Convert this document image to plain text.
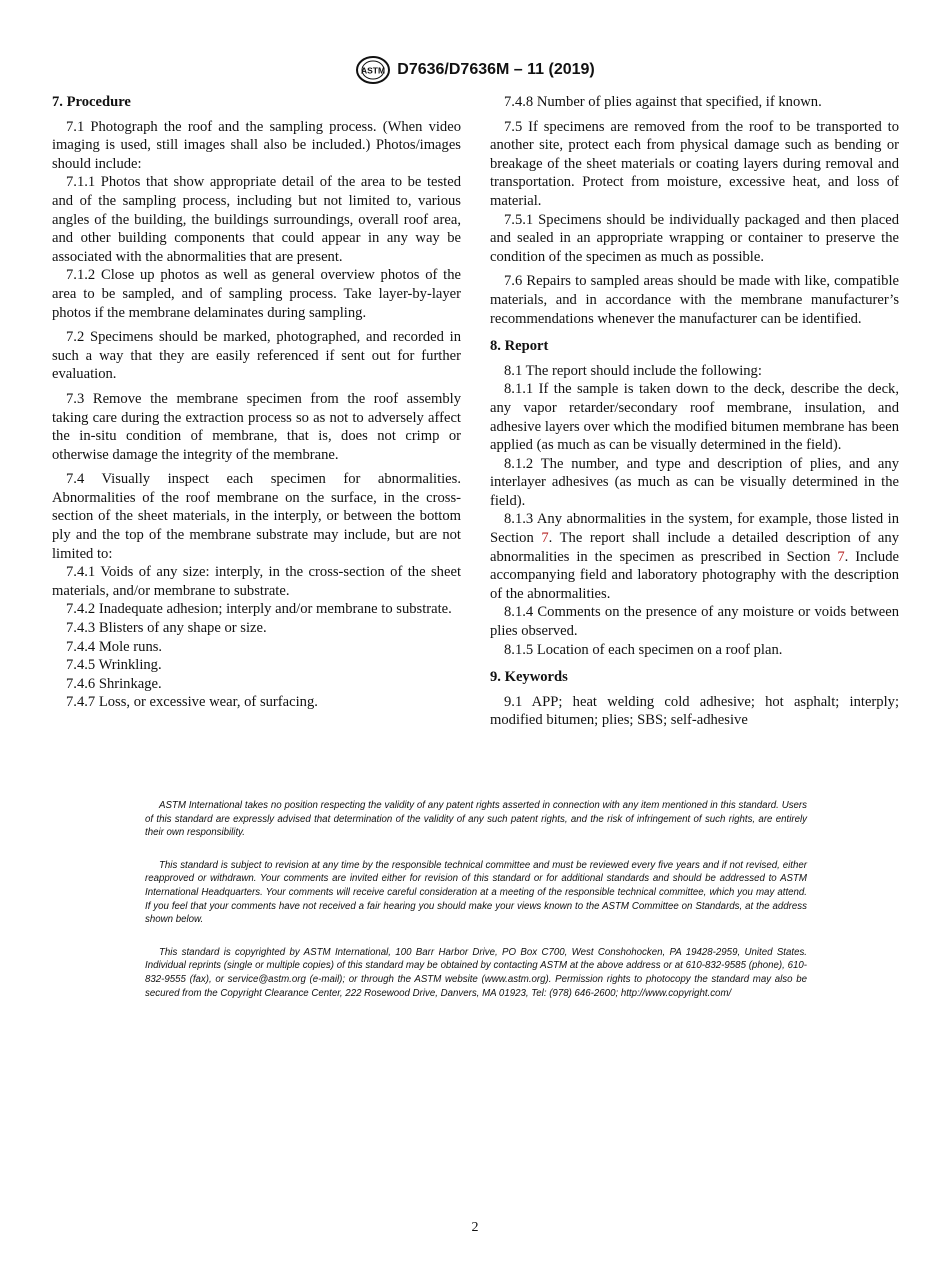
ASTM D7636/D7636M – 11 (2019)
7. Procedure

7.1 Photograph the roof and the sampling process. (When video imaging is used, still images shall also be included.) Photos/images should include:

7.1.1 Photos that show appropriate detail of the area to be tested and of the sampling process, including but not limited to, various angles of the building, the buildings surroundings, overall roof area, and other building components that could appear in any way be associated with the abnormalities that are present.

7.1.2 Close up photos as well as general overview photos of the area to be sampled, and of sampling process. Take layer-by-layer photos if the membrane delaminates during sampling.

7.2 Specimens should be marked, photographed, and recorded in such a way that they are easily referenced if sent out for further evaluation.

7.3 Remove the membrane specimen from the roof assembly taking care during the extraction process so as not to adversely affect the in-situ condition of membrane, that is, does not crimp or otherwise damage the integrity of the membrane.

7.4 Visually inspect each specimen for abnormalities. Abnormalities of the roof membrane on the surface, in the cross-section of the sheet materials, in the interply, or between the bottom ply and the top of the membrane substrate may include, but are not limited to:

7.4.1 Voids of any size: interply, in the cross-section of the sheet materials, and/or membrane to substrate.

7.4.2 Inadequate adhesion; interply and/or membrane to substrate.

7.4.3 Blisters of any shape or size.

7.4.4 Mole runs.

7.4.5 Wrinkling.

7.4.6 Shrinkage.

7.4.7 Loss, or excessive wear, of surfacing.

7.4.8 Number of plies against that specified, if known.

7.5 If specimens are removed from the roof to be transported to another site, protect each from physical damage such as bending or breakage of the sheet materials or coating layers during removal and transportation. Protect from moisture, excessive heat, and loss of material.

7.5.1 Specimens should be individually packaged and then placed and sealed in an appropriate wrapping or container to preserve the condition of the specimen as much as possible.

7.6 Repairs to sampled areas should be made with like, compatible materials, and in accordance with the membrane manufacturer’s recommendations whenever the manufacturer can be identified.

8. Report

8.1 The report should include the following:

8.1.1 If the sample is taken down to the deck, describe the deck, any vapor retarder/secondary roof membrane, insulation, and adhesive layers over which the modified bitumen membrane has been applied (as much as can be visually determined in the field).

8.1.2 The number, and type and description of plies, and any interlayer adhesives (as much as can be visually determined in the field).

8.1.3 Any abnormalities in the system, for example, those listed in Section 7. The report shall include a detailed description of any abnormalities in the specimen as prescribed in Section 7. Include accompanying field and laboratory photography with the description of the abnormalities.

8.1.4 Comments on the presence of any moisture or voids between plies observed.

8.1.5 Location of each specimen on a roof plan.

9. Keywords

9.1 APP; heat welding cold adhesive; hot asphalt; interply; modified bitumen; plies; SBS; self-adhesive

ASTM International takes no position respecting the validity of any patent rights asserted in connection with any item mentioned in this standard. Users of this standard are expressly advised that determination of the validity of any such patent rights, and the risk of infringement of such rights, are entirely their own responsibility.

This standard is subject to revision at any time by the responsible technical committee and must be reviewed every five years and if not revised, either reapproved or withdrawn. Your comments are invited either for revision of this standard or for additional standards and should be addressed to ASTM International Headquarters. Your comments will receive careful consideration at a meeting of the responsible technical committee, which you may attend. If you feel that your comments have not received a fair hearing you should make your views known to the ASTM Committee on Standards, at the address shown below.

This standard is copyrighted by ASTM International, 100 Barr Harbor Drive, PO Box C700, West Conshohocken, PA 19428-2959, United States. Individual reprints (single or multiple copies) of this standard may be obtained by contacting ASTM at the above address or at 610-832-9585 (phone), 610-832-9555 (fax), or service@astm.org (e-mail); or through the ASTM website (www.astm.org). Permission rights to photocopy the standard may also be secured from the Copyright Clearance Center, 222 Rosewood Drive, Danvers, MA 01923, Tel: (978) 646-2600; http://www.copyright.com/

2
